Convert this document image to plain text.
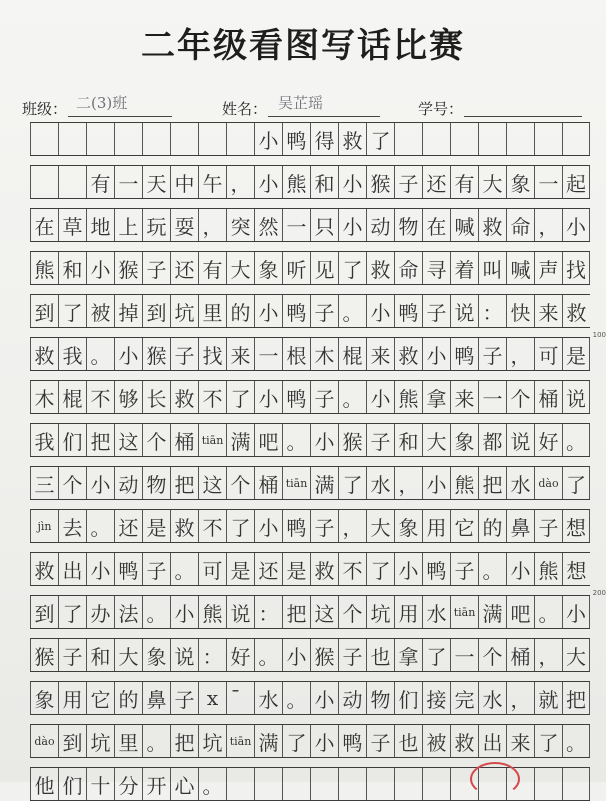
二年级看图写话比赛
班级： 二(3)班	姓名： 吴芷瑶	学号：
小 鸭 得 救 了
有 一 天 中 午 ， 小 熊 和 小 猴 子 还 有 大 象 一 起
在 草 地 上 玩 耍 ， 突 然 一 只 小 动 物 在 喊 救 命 ， 小
熊 和 小 猴 子 还 有 大 象 听 见 了 救 命 寻 着 叫 喊 声 找
到 了 被 掉 到 坑 里 的 小 鸭 子 。 小 鸭 子 说 ： 快 来 救
100
救 我 。 小 猴 子 找 来 一 根 木 棍 来 救 小 鸭 子 ， 可 是
木 棍 不 够 长 救 不 了 小 鸭 子 。 小 熊 拿 来 一 个 桶 说
我 们 把 这 个 桶 tiān 满 吧 。 小 猴 子 和 大 象 都 说 好 。
三 个 小 动 物 把 这 个 桶 tiān 满 了 水 ， 小 熊 把 水 dào 了
jìn 去 。 还 是 救 不 了 小 鸭 子 ， 大 象 用 它 的 鼻 子 想
救 出 小 鸭 子 。 可 是 还 是 救 不 了 小 鸭 子 。 小 熊 想
200
到 了 办 法 。 小 熊 说 ： 把 这 个 坑 用 水 tiān 满 吧 。 小
猴 子 和 大 象 说 ： 好 。 小 猴 子 也 拿 了 一 个 桶 ， 大
象 用 它 的 鼻 子 x	水 。 小 动 物 们 接 完 水 ， 就 把
dào 到 坑 里 。 把 坑 tiān 满 了 小 鸭 子 也 被 救 出 来 了 。
他 们 十 分 开 心 。
